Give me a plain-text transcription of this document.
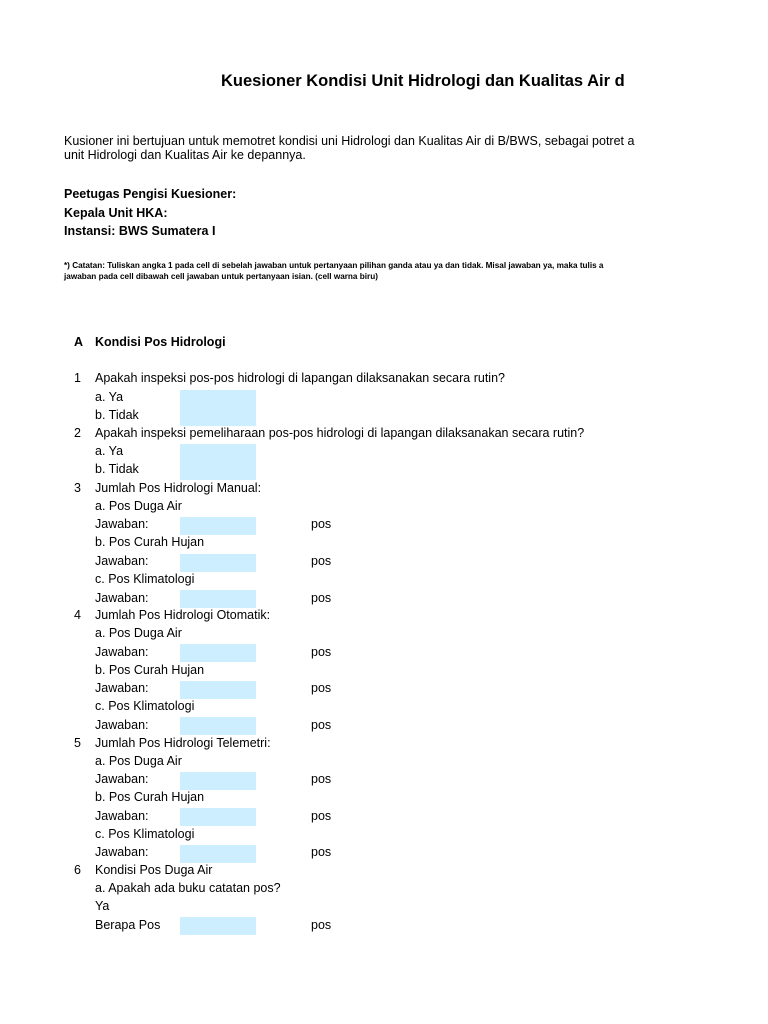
Kuesioner Kondisi Unit Hidrologi dan Kualitas Air d
Kusioner ini bertujuan untuk memotret kondisi uni Hidrologi dan Kualitas Air di B/BWS, sebagai potret a
unit Hidrologi dan Kualitas Air ke depannya.
Peetugas Pengisi Kuesioner:
Kepala Unit HKA:
Instansi: BWS Sumatera I
*) Catatan: Tuliskan angka 1 pada cell di sebelah jawaban untuk pertanyaan pilihan ganda atau ya dan tidak. Misal jawaban ya, maka tulis a
jawaban pada cell dibawah cell jawaban untuk pertanyaan isian. (cell warna biru)
A Kondisi Pos Hidrologi
1 Apakah inspeksi pos-pos hidrologi di lapangan dilaksanakan secara rutin?
a. Ya
b. Tidak
2 Apakah inspeksi pemeliharaan pos-pos hidrologi di lapangan dilaksanakan secara rutin?
a. Ya
b. Tidak
3 Jumlah Pos Hidrologi Manual:
a. Pos Duga Air
Jawaban:	pos
b. Pos Curah Hujan
Jawaban:	pos
c. Pos Klimatologi
Jawaban:	pos
4 Jumlah Pos Hidrologi Otomatik:
a. Pos Duga Air
Jawaban:	pos
b. Pos Curah Hujan
Jawaban:	pos
c. Pos Klimatologi
Jawaban:	pos
5 Jumlah Pos Hidrologi Telemetri:
a. Pos Duga Air
Jawaban:	pos
b. Pos Curah Hujan
Jawaban:	pos
c. Pos Klimatologi
Jawaban:	pos
6 Kondisi Pos Duga Air
a. Apakah ada buku catatan pos?
Ya
Berapa Pos	pos
